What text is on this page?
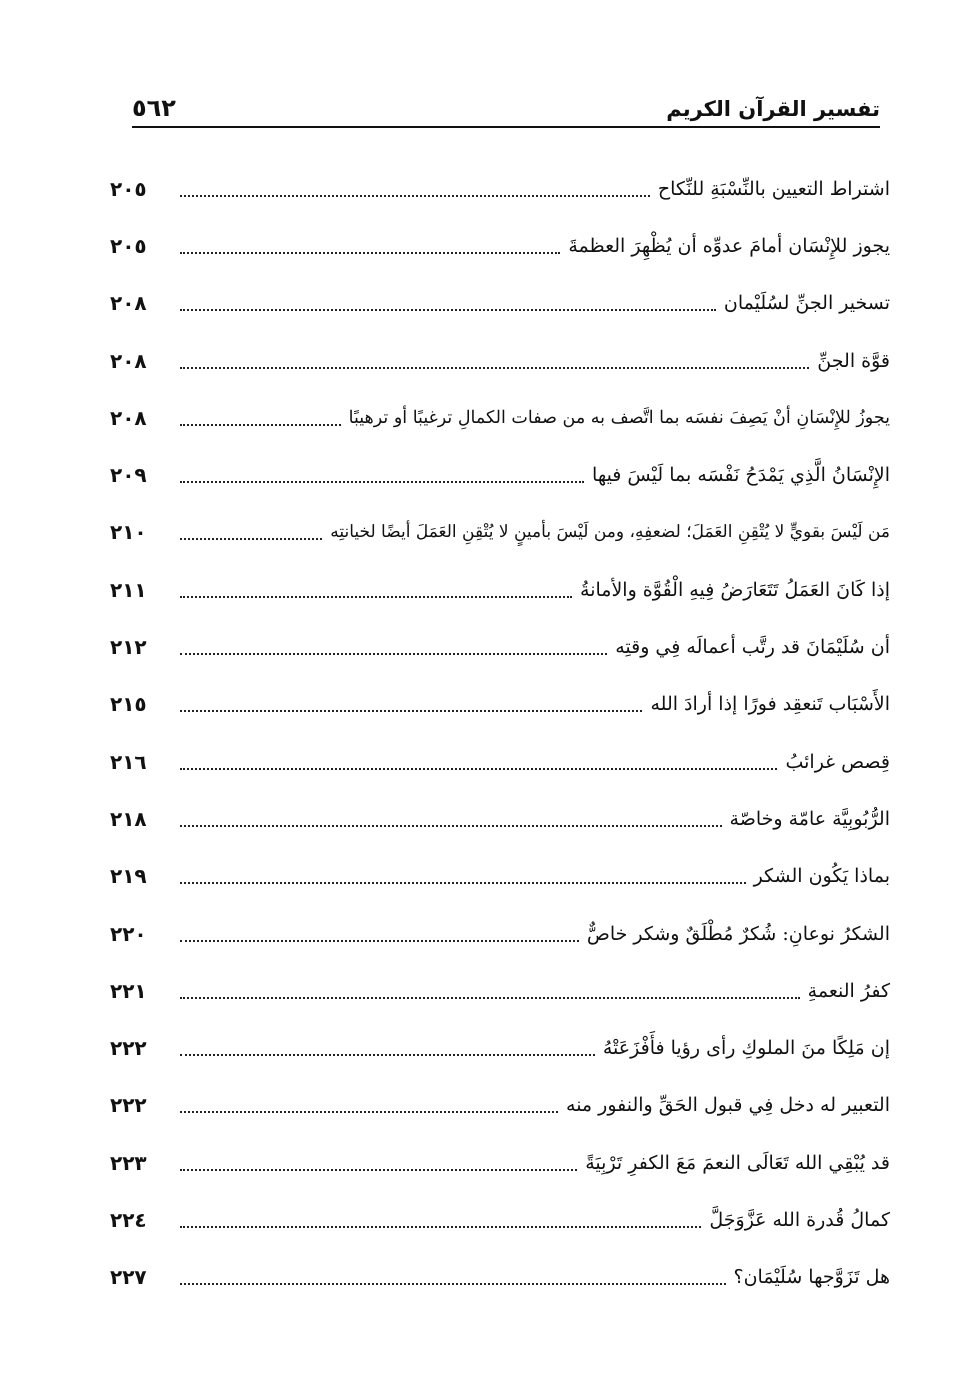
تفسير القرآن الكريم
٥٦٢
اشتراط التعيين بالنِّسْبَةِ للنِّكاح
٢٠٥
يجوز للإِنْسَان أمامَ عدوِّه أن يُظْهِرَ العظمةَ
٢٠٥
تسخير الجنِّ لسُلَيْمان
٢٠٨
قوَّة الجنِّ
٢٠٨
يجوزُ للإِنْسَانِ أنْ يَصِفَ نفسَه بما اتَّصف به من صفات الكمالِ ترغيبًا أو ترهيبًا
٢٠٨
الإِنْسَانُ الَّذِي يَمْدَحُ نَفْسَه بما لَيْسَ فيها
٢٠٩
مَن لَيْسَ بقويٍّ لا يُتْقِنِ العَمَلَ؛ لضعفِهِ، ومن لَيْسَ بأمينٍ لا يُتْقِنِ العَمَلَ أيضًا لخيانتِه
٢١٠
إذا كَانَ العَمَلُ تَتَعَارَضُ فِيهِ الْقُوَّة والأمانةُ
٢١١
أن سُلَيْمَانَ قد رتَّب أعمالَه فِي وقتِه
٢١٢
الأَسْبَاب تَنعقِد فورًا إذا أرادَ الله
٢١٥
قِصص غرائبُ
٢١٦
الرُّبُوبِيَّة عامّة وخاصّة
٢١٨
بماذا يَكُون الشكر
٢١٩
الشكرُ نوعانِ: شُكرٌ مُطْلَقٌ وشكر خاصٌّ
٢٢٠
كفرُ النعمةِ
٢٢١
إن مَلِكًا منَ الملوكِ رأى رؤيا فأَفْزَعَتْهُ
٢٢٢
التعبير له دخل فِي قبول الحَقِّ والنفور منه
٢٢٢
قد يُبْقِي الله تَعَالَى النعمَ مَعَ الكفرِ تَرْبِيَةً
٢٢٣
كمالُ قُدرة الله عَزَّوَجَلَّ
٢٢٤
هل تَزَوَّجها سُلَيْمَان؟
٢٢٧
